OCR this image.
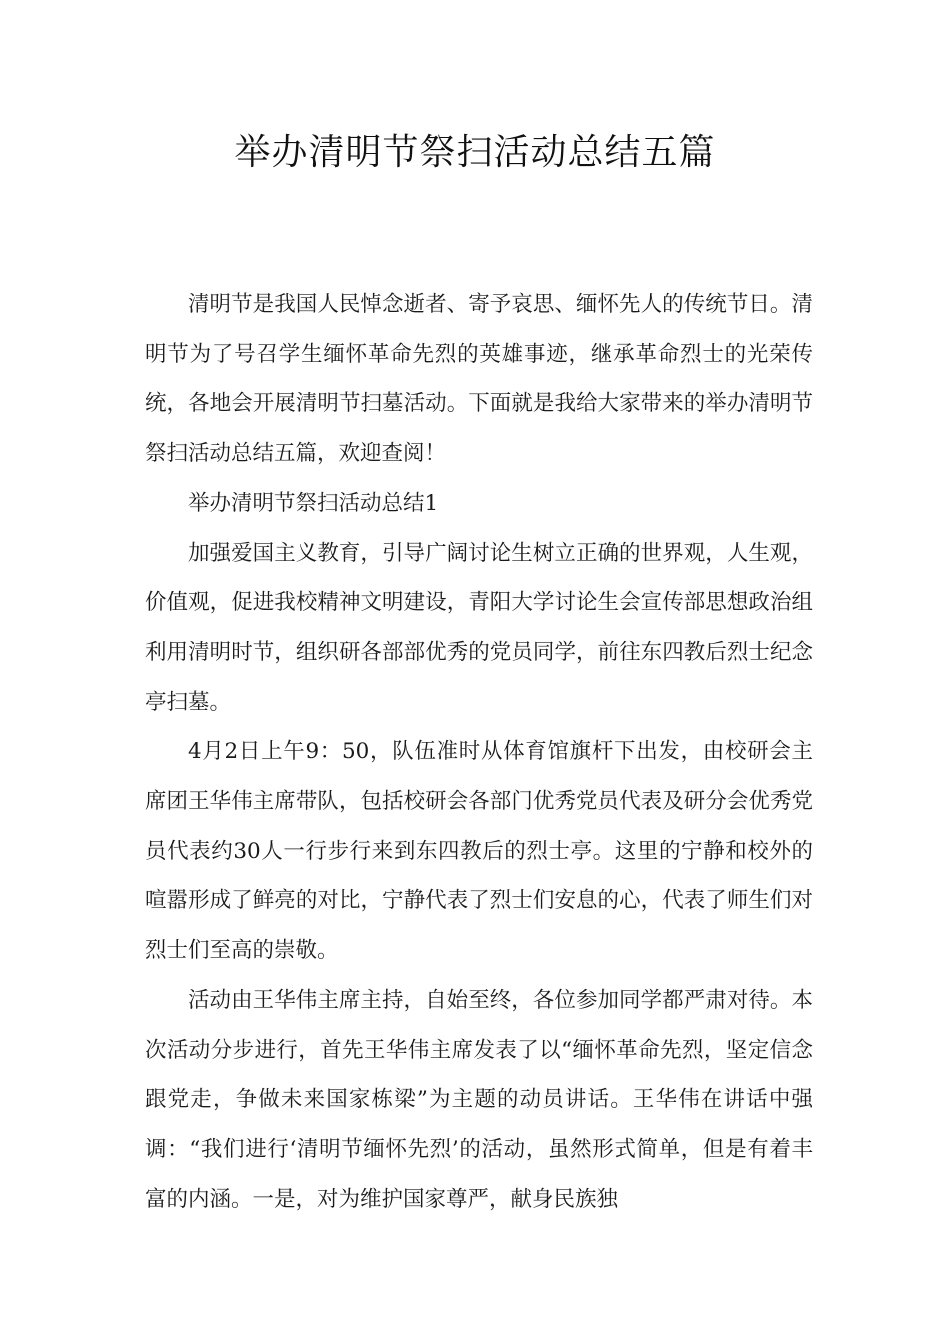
举办清明节祭扫活动总结五篇

清明节是我国人民悼念逝者、寄予哀思、缅怀先人的传统节日。清明节为了号召学生缅怀革命先烈的英雄事迹，继承革命烈士的光荣传统，各地会开展清明节扫墓活动。下面就是我给大家带来的举办清明节祭扫活动总结五篇，欢迎查阅！

举办清明节祭扫活动总结1

加强爱国主义教育，引导广阔讨论生树立正确的世界观，人生观，价值观，促进我校精神文明建设，青阳大学讨论生会宣传部思想政治组利用清明时节，组织研各部部优秀的党员同学，前往东四教后烈士纪念亭扫墓。

4月2日上午9：50，队伍准时从体育馆旗杆下出发，由校研会主席团王华伟主席带队，包括校研会各部门优秀党员代表及研分会优秀党员代表约30人一行步行来到东四教后的烈士亭。这里的宁静和校外的喧嚣形成了鲜亮的对比，宁静代表了烈士们安息的心，代表了师生们对烈士们至高的崇敬。

活动由王华伟主席主持，自始至终，各位参加同学都严肃对待。本次活动分步进行，首先王华伟主席发表了以“缅怀革命先烈，坚定信念跟党走，争做未来国家栋梁”为主题的动员讲话。王华伟在讲话中强调：“我们进行‘清明节缅怀先烈’的活动，虽然形式简单，但是有着丰富的内涵。一是，对为维护国家尊严，献身民族独
